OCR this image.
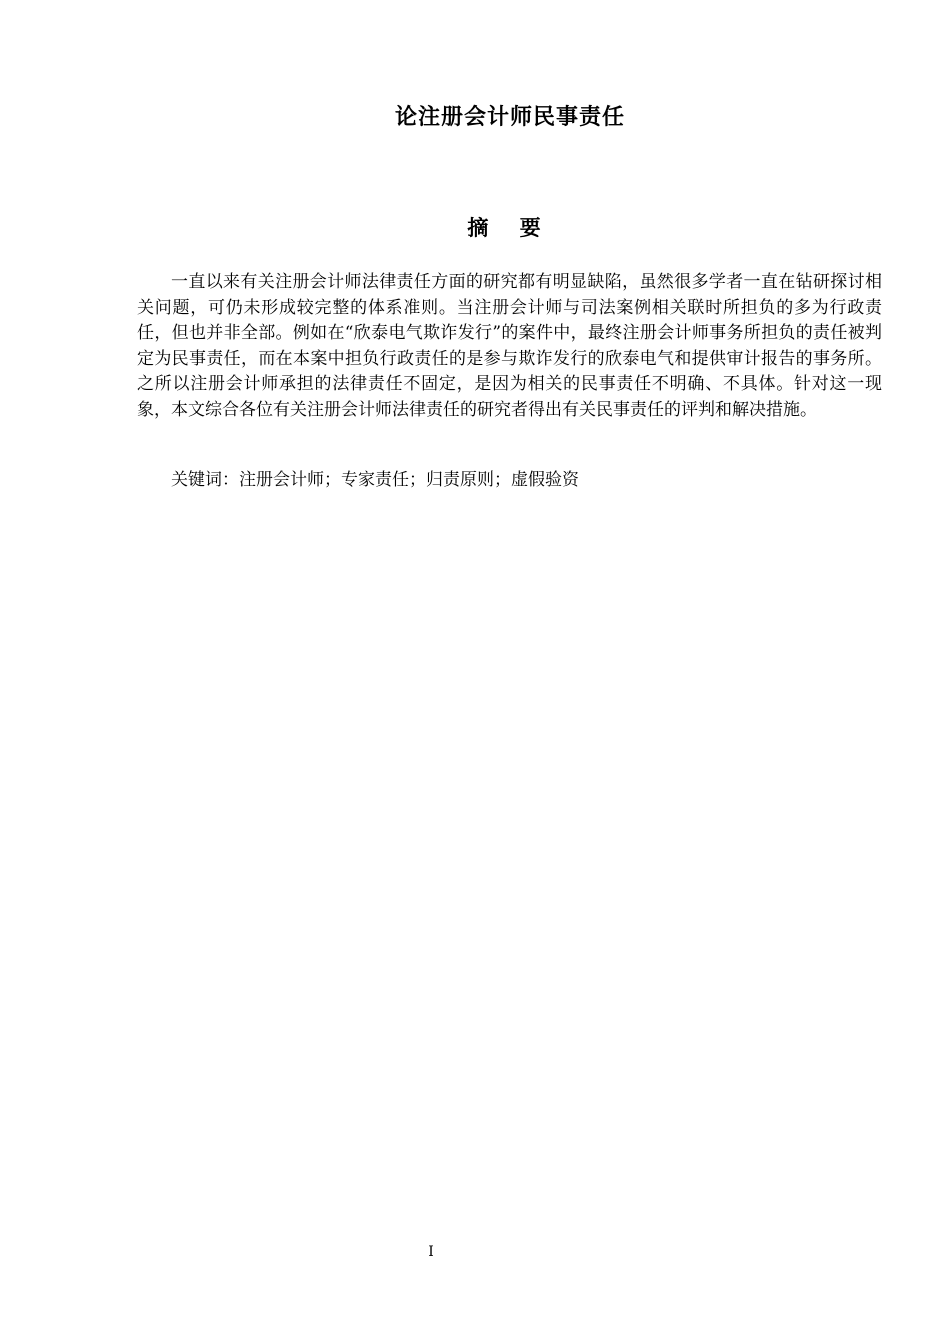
论注册会计师民事责任
摘 要

一直以来有关注册会计师法律责任方面的研究都有明显缺陷，虽然很多学者一直在钻研探讨相关问题，可仍未形成较完整的体系准则。当注册会计师与司法案例相关联时所担负的多为行政责任，但也并非全部。例如在“欣泰电气欺诈发行”的案件中，最终注册会计师事务所担负的责任被判定为民事责任，而在本案中担负行政责任的是参与欺诈发行的欣泰电气和提供审计报告的事务所。之所以注册会计师承担的法律责任不固定，是因为相关的民事责任不明确、不具体。针对这一现象，本文综合各位有关注册会计师法律责任的研究者得出有关民事责任的评判和解决措施。

关键词：注册会计师；专家责任；归责原则；虚假验资

I
